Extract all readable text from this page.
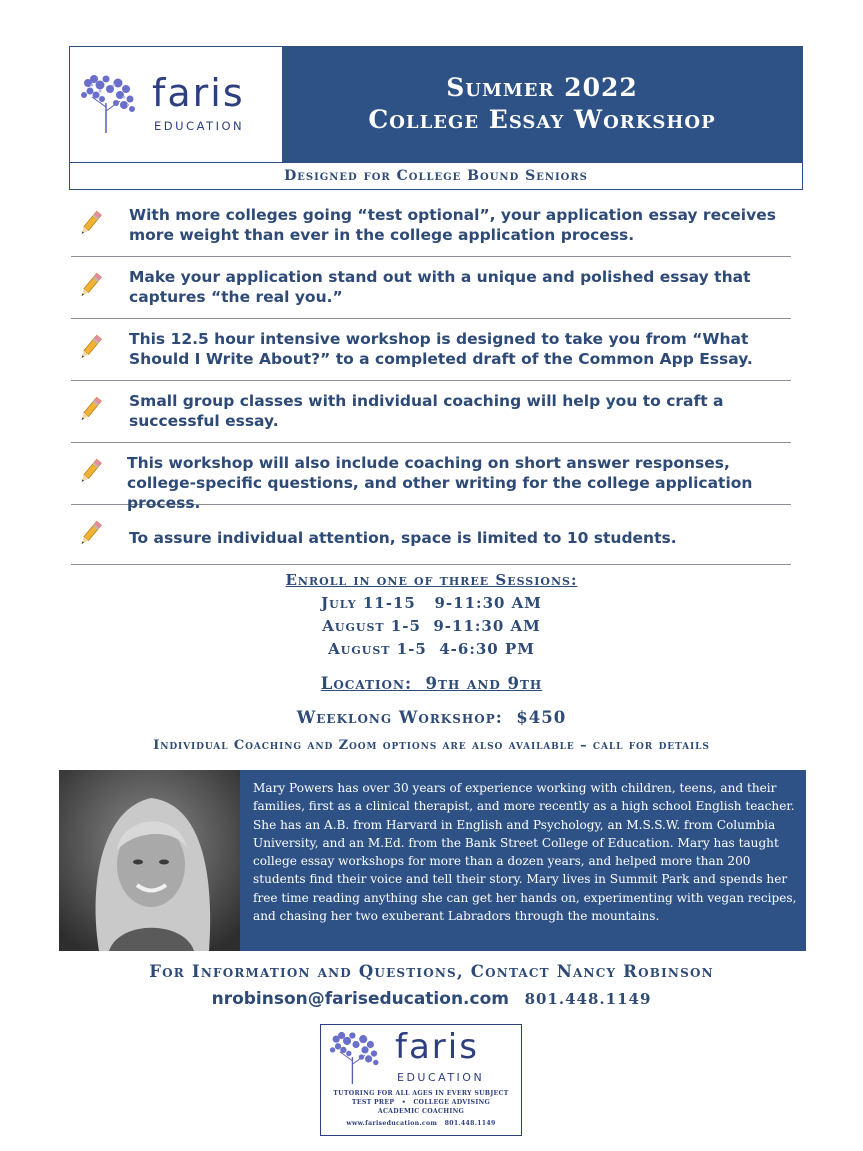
faris
EDUCATION
Summer 2022
College Essay Workshop
Designed for College Bound Seniors
With more colleges going “test optional”, your application essay receives more weight than ever in the college application process.
Make your application stand out with a unique and polished essay that captures “the real you.”
This 12.5 hour intensive workshop is designed to take you from “What Should I Write About?” to a completed draft of the Common App Essay.
Small group classes with individual coaching will help you to craft a successful essay.
This workshop will also include coaching on short answer responses, college-specific questions, and other writing for the college application process.
To assure individual attention, space is limited to 10 students.
Enroll in one of three Sessions:
July 11-15   9-11:30 AM
August 1-5  9-11:30 AM
August 1-5  4-6:30 PM
Location:  9th and 9th
Weeklong Workshop:  $450
Individual Coaching and Zoom options are also available – call for details
Mary Powers has over 30 years of experience working with children, teens, and their families, first as a clinical therapist, and more recently as a high school English teacher. She has an A.B. from Harvard in English and Psychology, an M.S.S.W. from Columbia University, and an M.Ed. from the Bank Street College of Education. Mary has taught college essay workshops for more than a dozen years, and helped more than 200 students find their voice and tell their story. Mary lives in Summit Park and spends her free time reading anything she can get her hands on, experimenting with vegan recipes, and chasing her two exuberant Labradors through the mountains.
For Information and Questions, Contact Nancy Robinson
nrobinson@fariseducation.com 801.448.1149
faris
EDUCATION
TUTORING FOR ALL AGES IN EVERY SUBJECT
TEST PREP   •   COLLEGE ADVISING
ACADEMIC COACHING
www.fariseducation.com   801.448.1149
